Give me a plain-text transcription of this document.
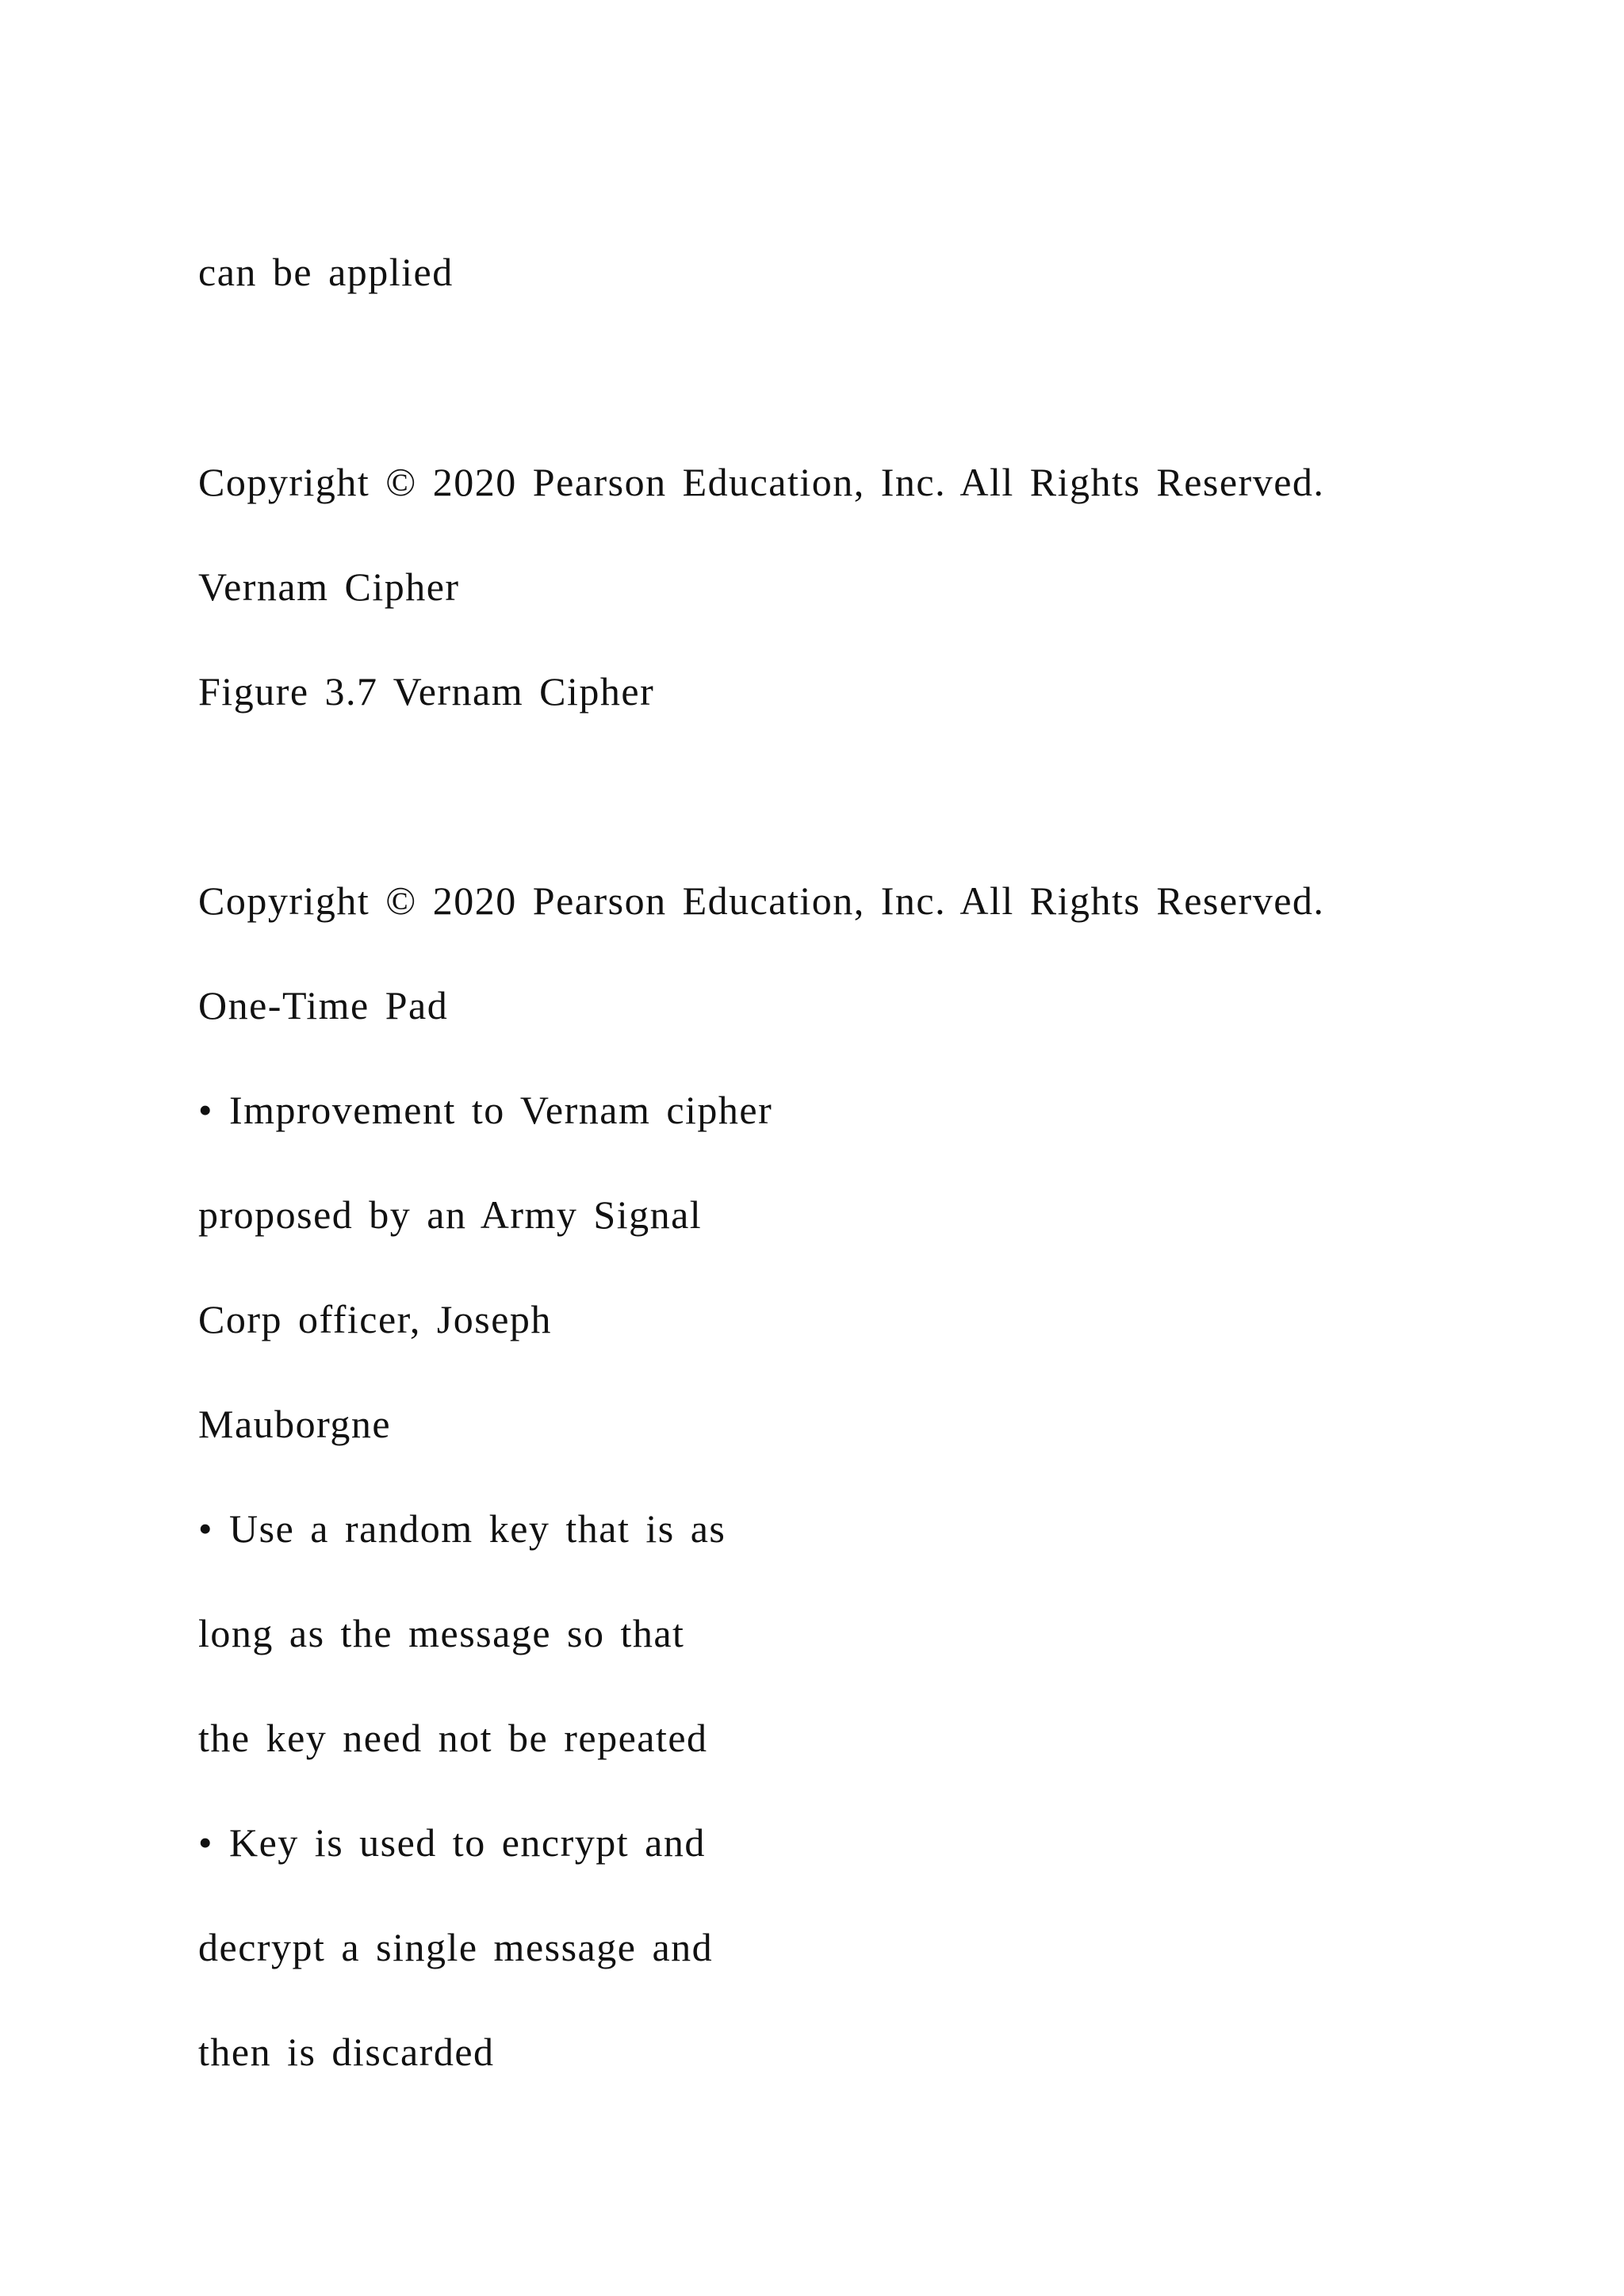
can be applied

Copyright © 2020 Pearson Education, Inc. All Rights Reserved.

Vernam Cipher

Figure 3.7 Vernam Cipher

Copyright © 2020 Pearson Education, Inc. All Rights Reserved.

One-Time Pad

• Improvement to Vernam cipher

proposed by an Army Signal

Corp officer, Joseph

Mauborgne

• Use a random key that is as

long as the message so that

the key need not be repeated

• Key is used to encrypt and

decrypt a single message and

then is discarded
